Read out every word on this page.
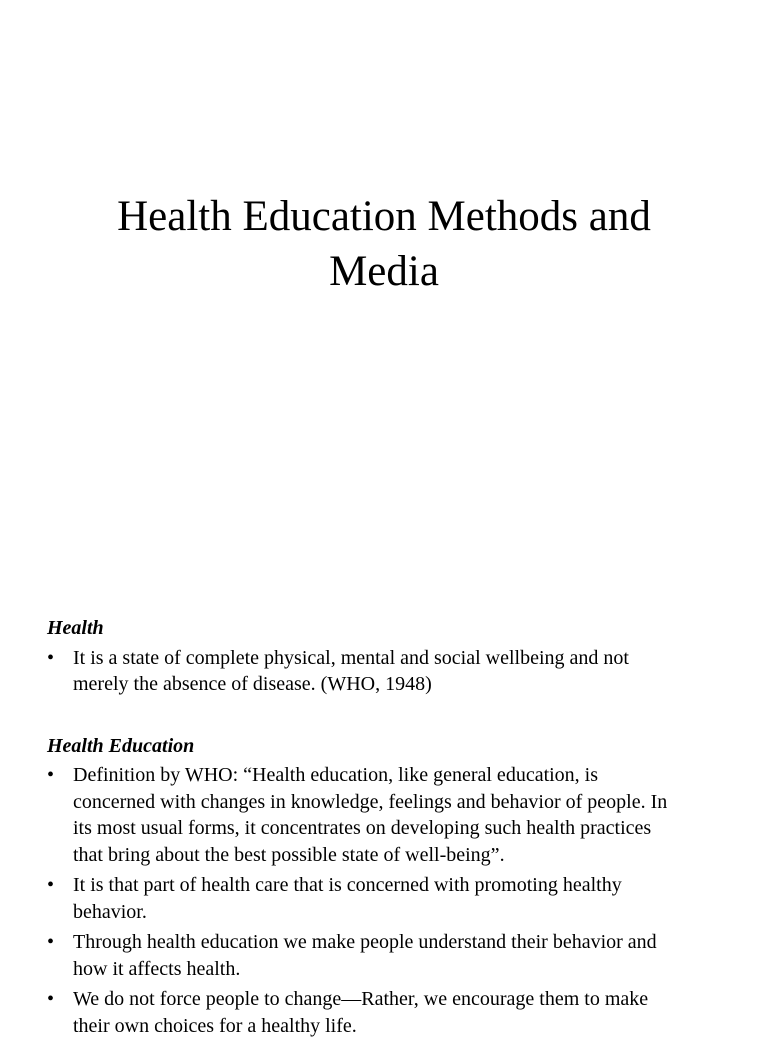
Health Education Methods and
Media

Health

• It is a state of complete physical, mental and social wellbeing and not
merely the absence of disease. (WHO, 1948)

Health Education

• Definition by WHO: “Health education, like general education, is
concerned with changes in knowledge, feelings and behavior of people. In
its most usual forms, it concentrates on developing such health practices
that bring about the best possible state of well-being”.
• It is that part of health care that is concerned with promoting healthy
behavior.
• Through health education we make people understand their behavior and
how it affects health.
• We do not force people to change—Rather, we encourage them to make
their own choices for a healthy life.
